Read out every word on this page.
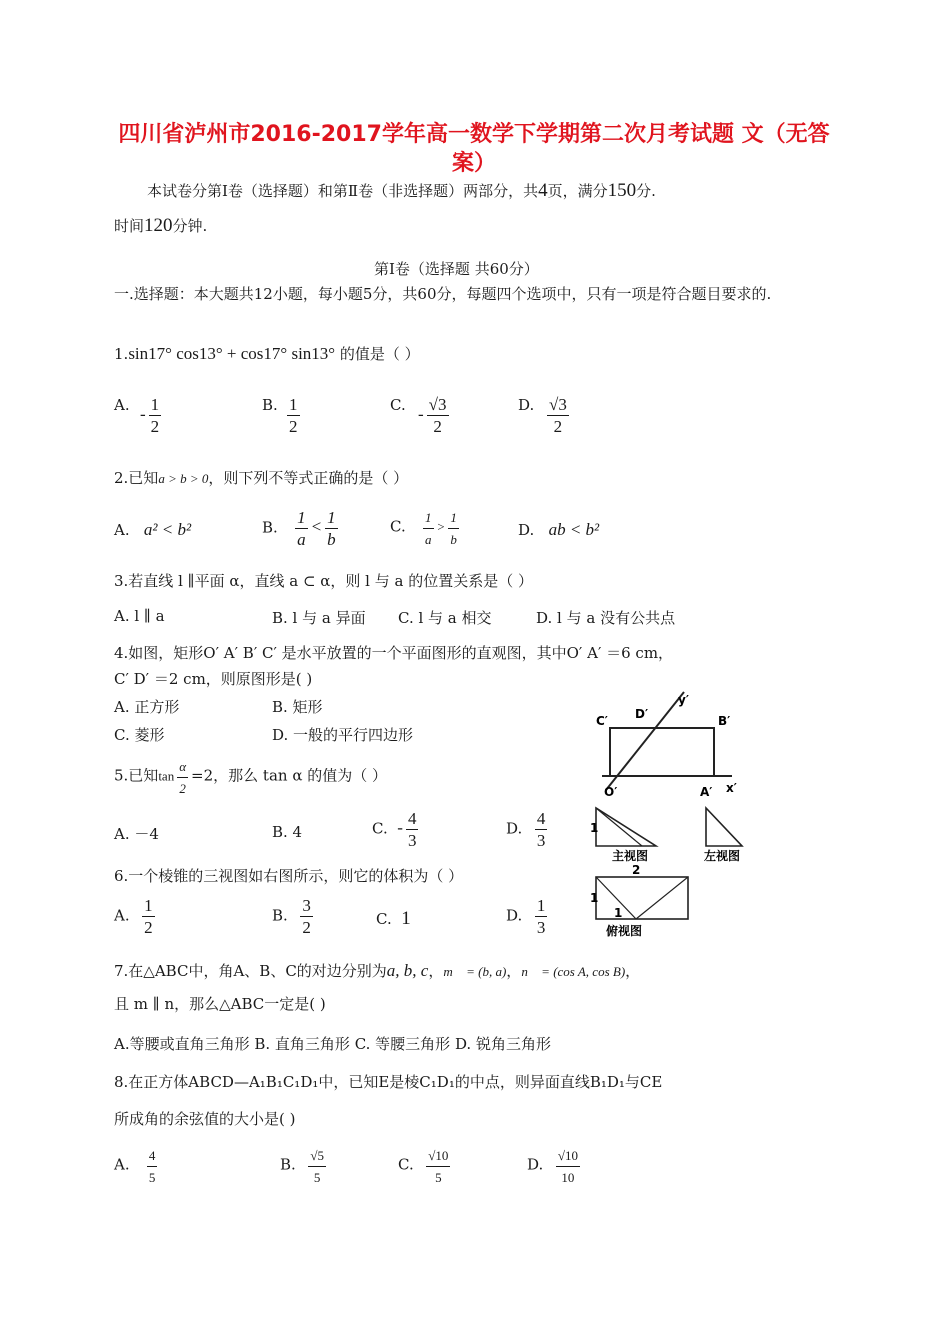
四川省泸州市2016-2017学年高一数学下学期第二次月考试题 文（无答案）
本试卷分第Ⅰ卷（选择题）和第Ⅱ卷（非选择题）两部分，共4页，满分150分.
时间120分钟.
第Ⅰ卷（选择题 共60分）
一.选择题：本大题共12小题，每小题5分，共60分，每题四个选项中，只有一项是符合题目要求的.
1.sin17° cos13° + cos17° sin13° 的值是（ ）
A. - $\frac{1}{2}$	B. $\frac{1}{2}$	C. - $\frac{√3}{2}$	D. $\frac{√3}{2}$
2.已知a > b > 0，则下列不等式正确的是（ ）
A. a² < b²	B. $\frac{1}{a} < \frac{1}{b}$	C. $\frac{1}{a} > \frac{1}{b}$	D. ab < b²
3.若直线 l ∥平面 α，直线 a ⊂ α，则 l 与 a 的位置关系是（ ）
A. l ∥ a	B. l 与 a 异面 C. l 与 a 相交	D. l 与 a 没有公共点
4.如图，矩形O′ A′ B′ C′ 是水平放置的一个平面图形的直观图，其中O′ A′ ＝6 cm，
C′ D′ ＝2 cm，则原图形是( )
A. 正方形	B. 矩形
C. 菱形	D. 一般的平行四边形
C′ D′
y′
B′
O′	A′ x′
5.已知$\tan \frac{\alpha}{2} =2$，那么 tan α 的值为（ ）
A. －4	B. 4	C. - $\frac{4}{3}$	D. $\frac{4}{3}$	1
主视图	左视图
2
1
1
俯视图
6.一个棱锥的三视图如右图所示，则它的体积为（ ）
A. $\frac{1}{2}$	B. $\frac{3}{2}$	C. 1	D. $\frac{1}{3}$
7.在△ABC中，角A、B、C的对边分别为a, b, c，m⃗ = (b, a)，n⃗ = (cos A, cos B)，
且 m ∥ n，那么△ABC一定是( )
A.等腰或直角三角形 B. 直角三角形 C. 等腰三角形 D. 锐角三角形
8.在正方体ABCD—A₁B₁C₁D₁中，已知E是棱C₁D₁的中点，则异面直线B₁D₁与CE
所成角的余弦值的大小是( )
A. $\frac{4}{5}$	B. $\frac{√5}{5}$	C. $\frac{√10}{5}$	D. $\frac{√10}{10}$
